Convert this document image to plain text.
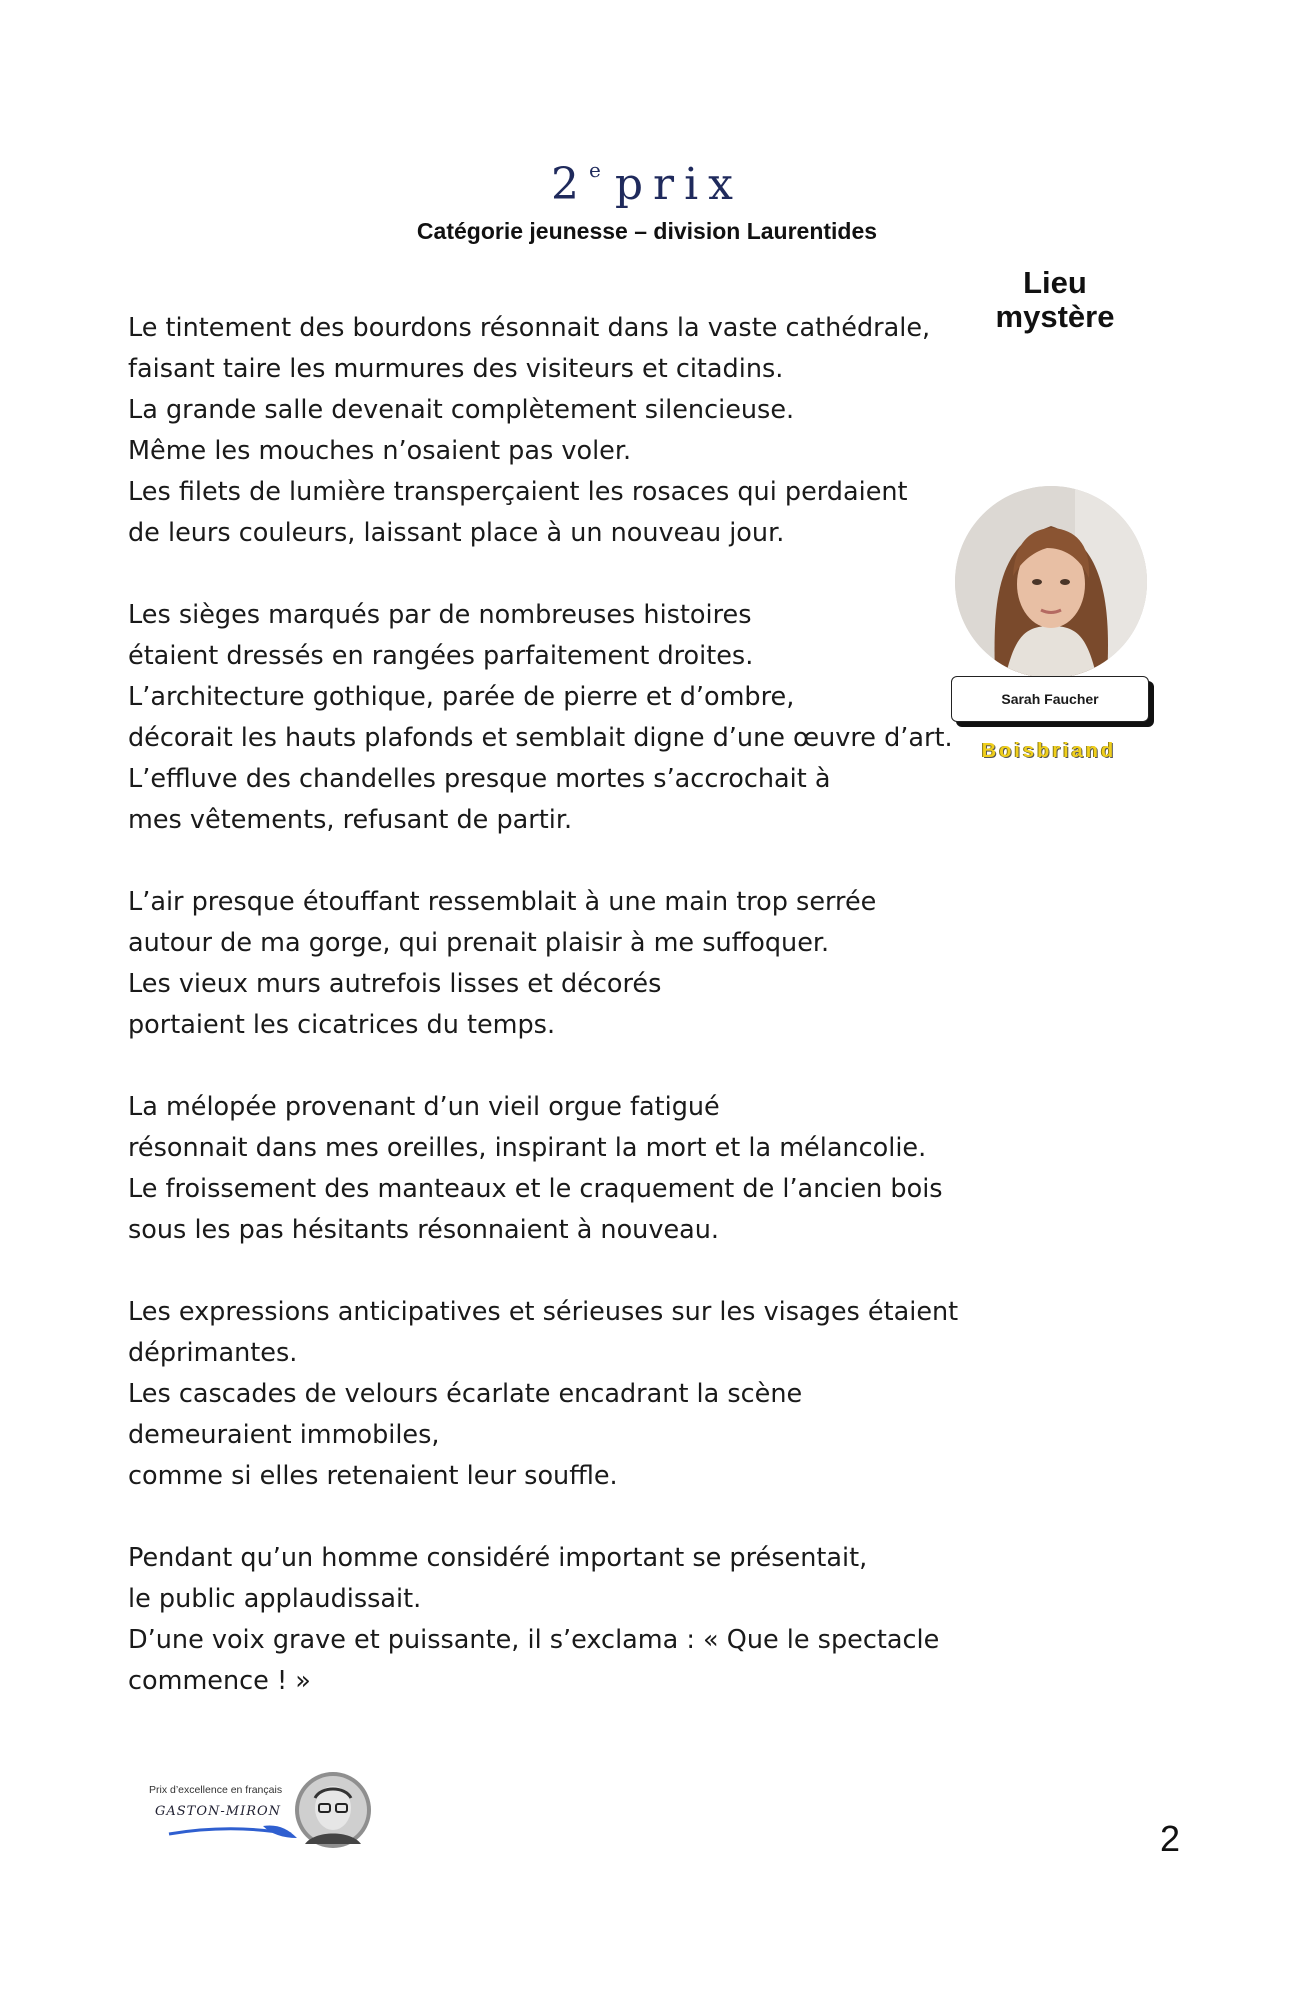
2e prix
Catégorie jeunesse – division Laurentides
Lieu
mystère
Le tintement des bourdons résonnait dans la vaste cathédrale,
faisant taire les murmures des visiteurs et citadins.
La grande salle devenait complètement silencieuse.
Même les mouches n’osaient pas voler.
Les filets de lumière transperçaient les rosaces qui perdaient
de leurs couleurs, laissant place à un nouveau jour.
Les sièges marqués par de nombreuses histoires
étaient dressés en rangées parfaitement droites.
L’architecture gothique, parée de pierre et d’ombre,
décorait les hauts plafonds et semblait digne d’une œuvre d’art.
L’effluve des chandelles presque mortes s’accrochait à
mes vêtements, refusant de partir.
L’air presque étouffant ressemblait à une main trop serrée
autour de ma gorge, qui prenait plaisir à me suffoquer.
Les vieux murs autrefois lisses et décorés
portaient les cicatrices du temps.
La mélopée provenant d’un vieil orgue fatigué
résonnait dans mes oreilles, inspirant la mort et la mélancolie.
Le froissement des manteaux et le craquement de l’ancien bois
sous les pas hésitants résonnaient à nouveau.
Les expressions anticipatives et sérieuses sur les visages étaient
déprimantes.
Les cascades de velours écarlate encadrant la scène
demeuraient immobiles,
comme si elles retenaient leur souffle.
Pendant qu’un homme considéré important se présentait,
le public applaudissait.
D’une voix grave et puissante, il s’exclama : « Que le spectacle
commence ! »
Sarah Faucher
Boisbriand
Prix d’excellence en français
GASTON-MIRON
2
